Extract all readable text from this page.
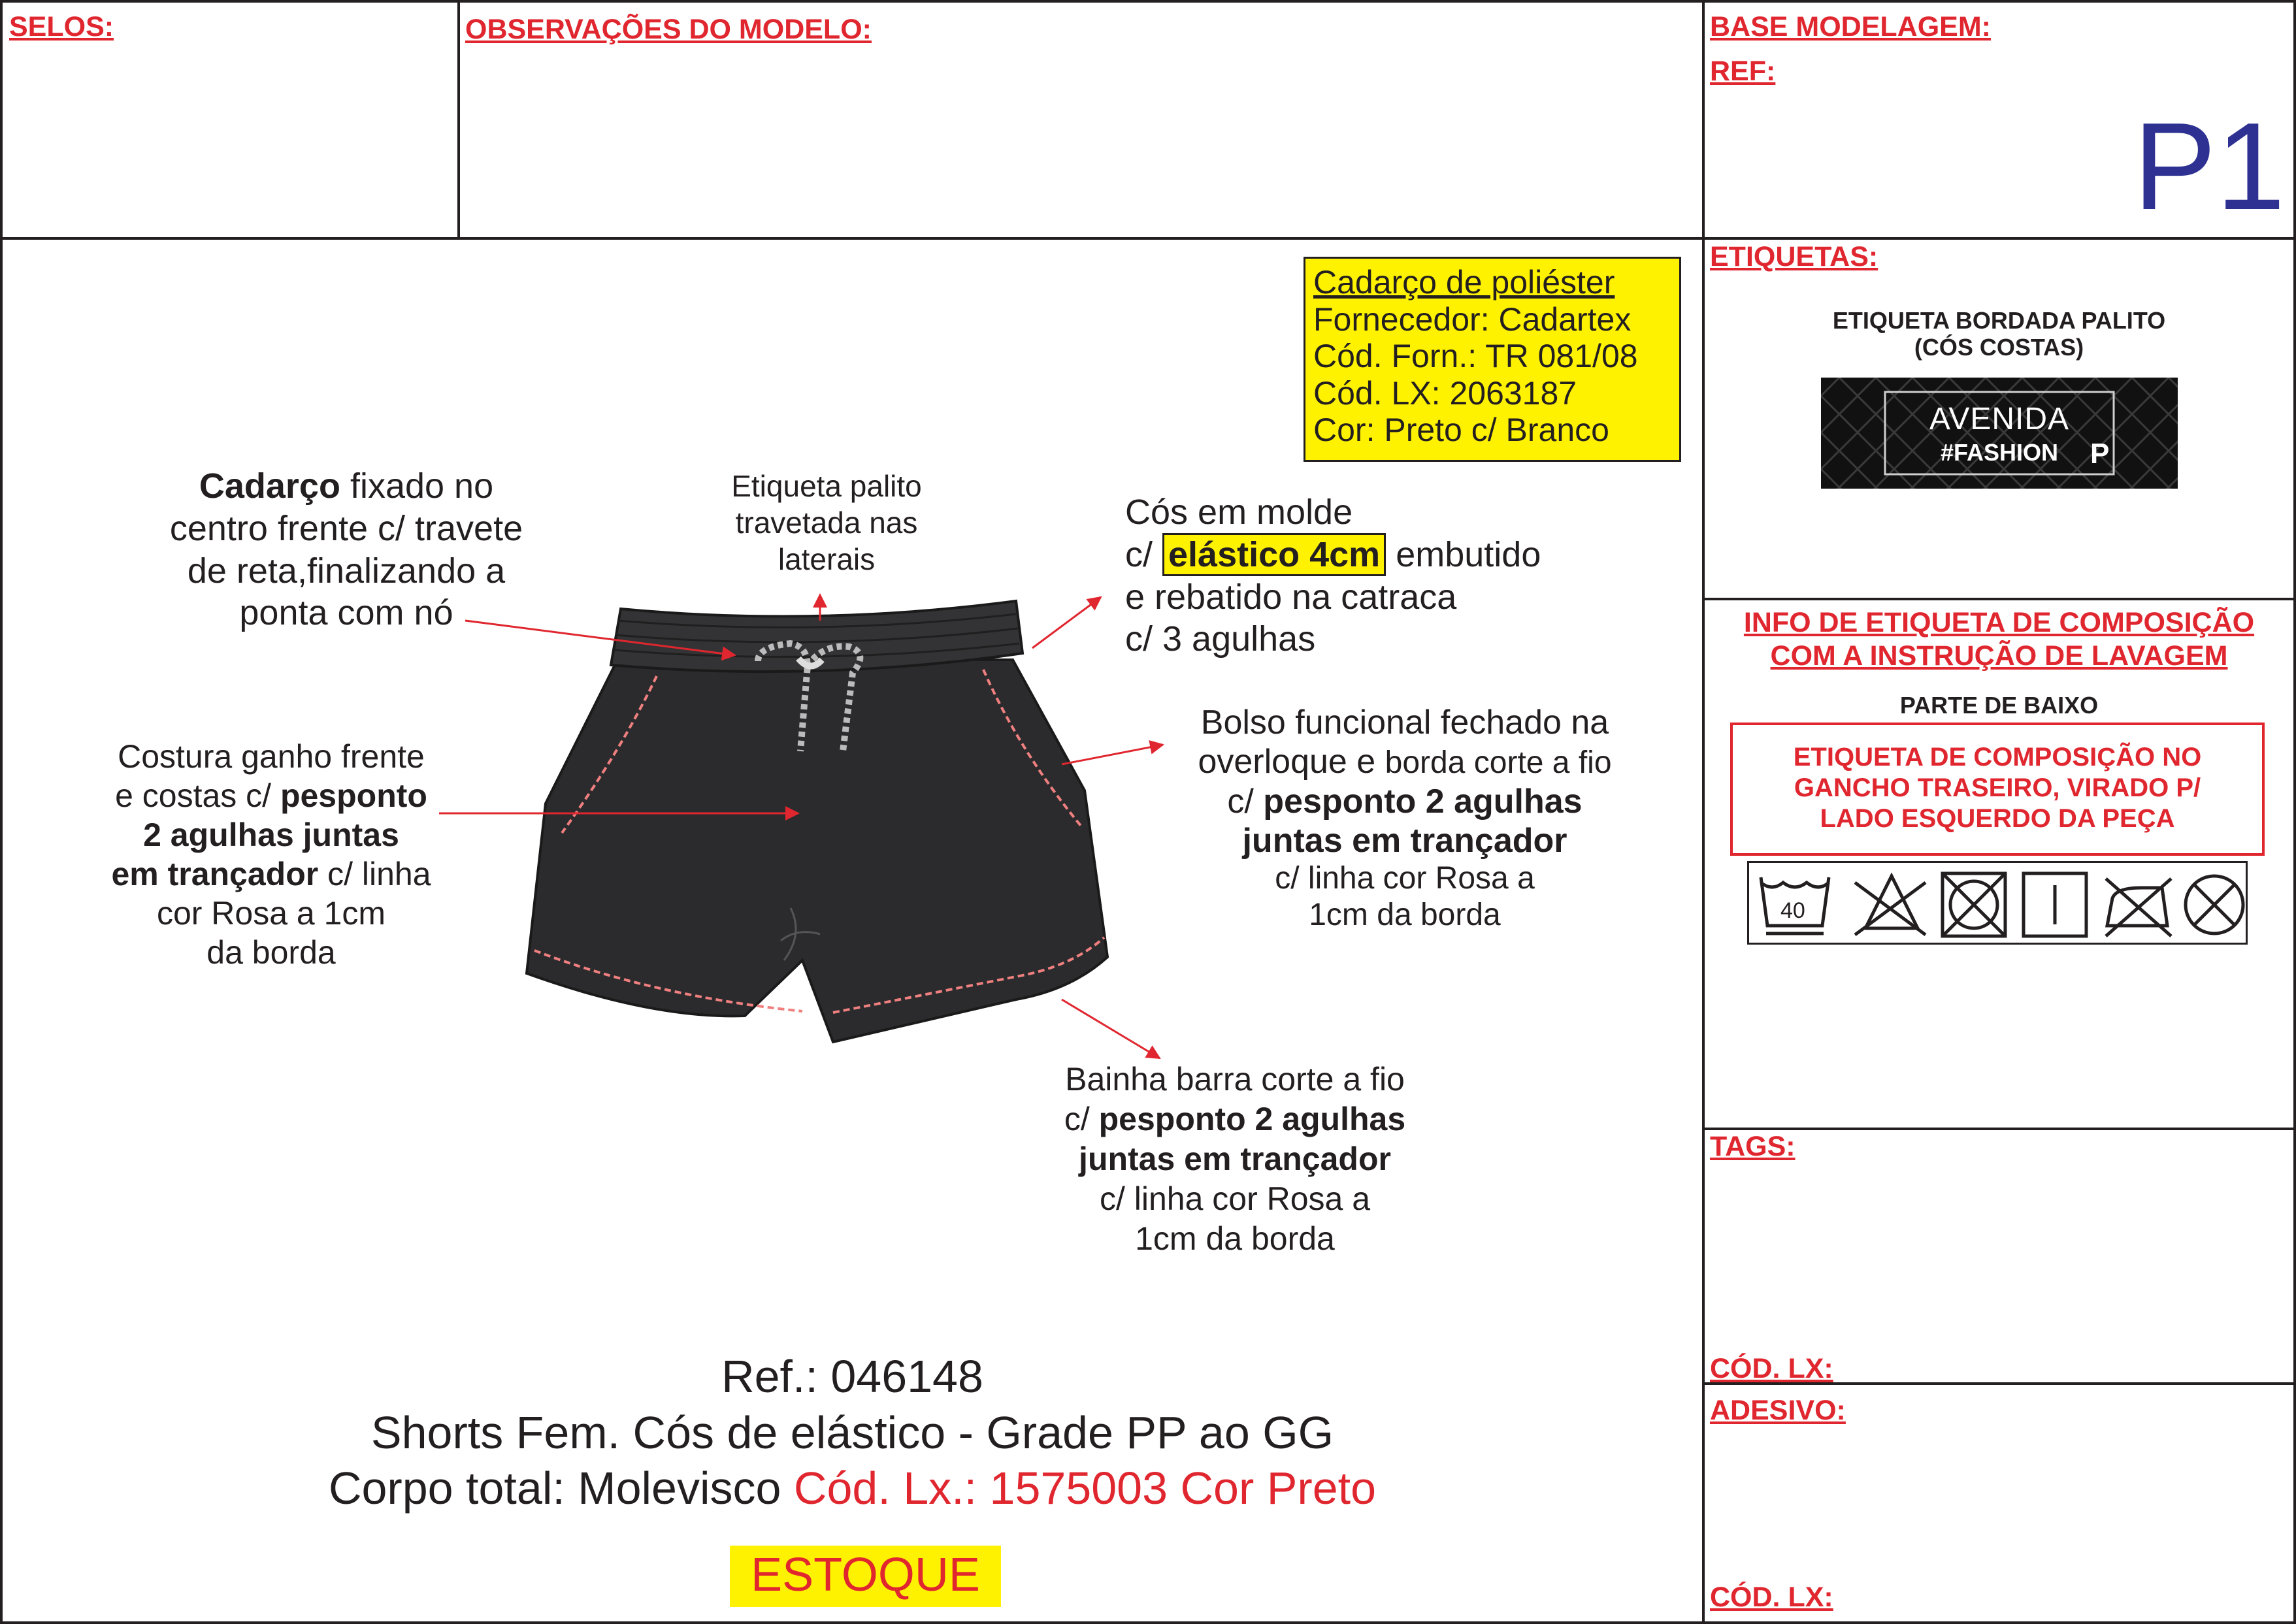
SELOS:	OBSERVAÇÕES DO MODELO:	BASE MODELAGEM:
REF:
P1
ETIQUETAS:
ETIQUETA BORDADA PALITO
(CÓS COSTAS)
AVENIDA
#FASHION	P
INFO DE ETIQUETA DE COMPOSIÇÃO
COM A INSTRUÇÃO DE LAVAGEM
PARTE DE BAIXO
ETIQUETA DE COMPOSIÇÃO NO
GANCHO TRASEIRO, VIRADO P/
LADO ESQUERDO DA PEÇA
40
TAGS:
CÓD. LX:
ADESIVO:
CÓD. LX:
Cadarço de poliéster
Fornecedor: Cadartex
Cód. Forn.: TR 081/08
Cód. LX: 2063187
Cor: Preto c/ Branco
Cadarço fixado no
centro frente c/ travete
de reta,finalizando a
ponta com nó
Etiqueta palito
travetada nas
laterais
Cós em molde
c/ elástico 4cm embutido
e rebatido na catraca
c/ 3 agulhas
Costura ganho frente
e costas c/ pesponto
2 agulhas juntas
em trançador c/ linha
cor Rosa a 1cm
da borda
Bolso funcional fechado na
overloque e borda corte a fio
c/ pesponto 2 agulhas
juntas em trançador
c/ linha cor Rosa a
1cm da borda
Bainha barra corte a fio
c/ pesponto 2 agulhas
juntas em trançador
c/ linha cor Rosa a
1cm da borda
Ref.: 046148
Shorts Fem. Cós de elástico - Grade PP ao GG
Corpo total: Molevisco Cód. Lx.: 1575003 Cor Preto
ESTOQUE
